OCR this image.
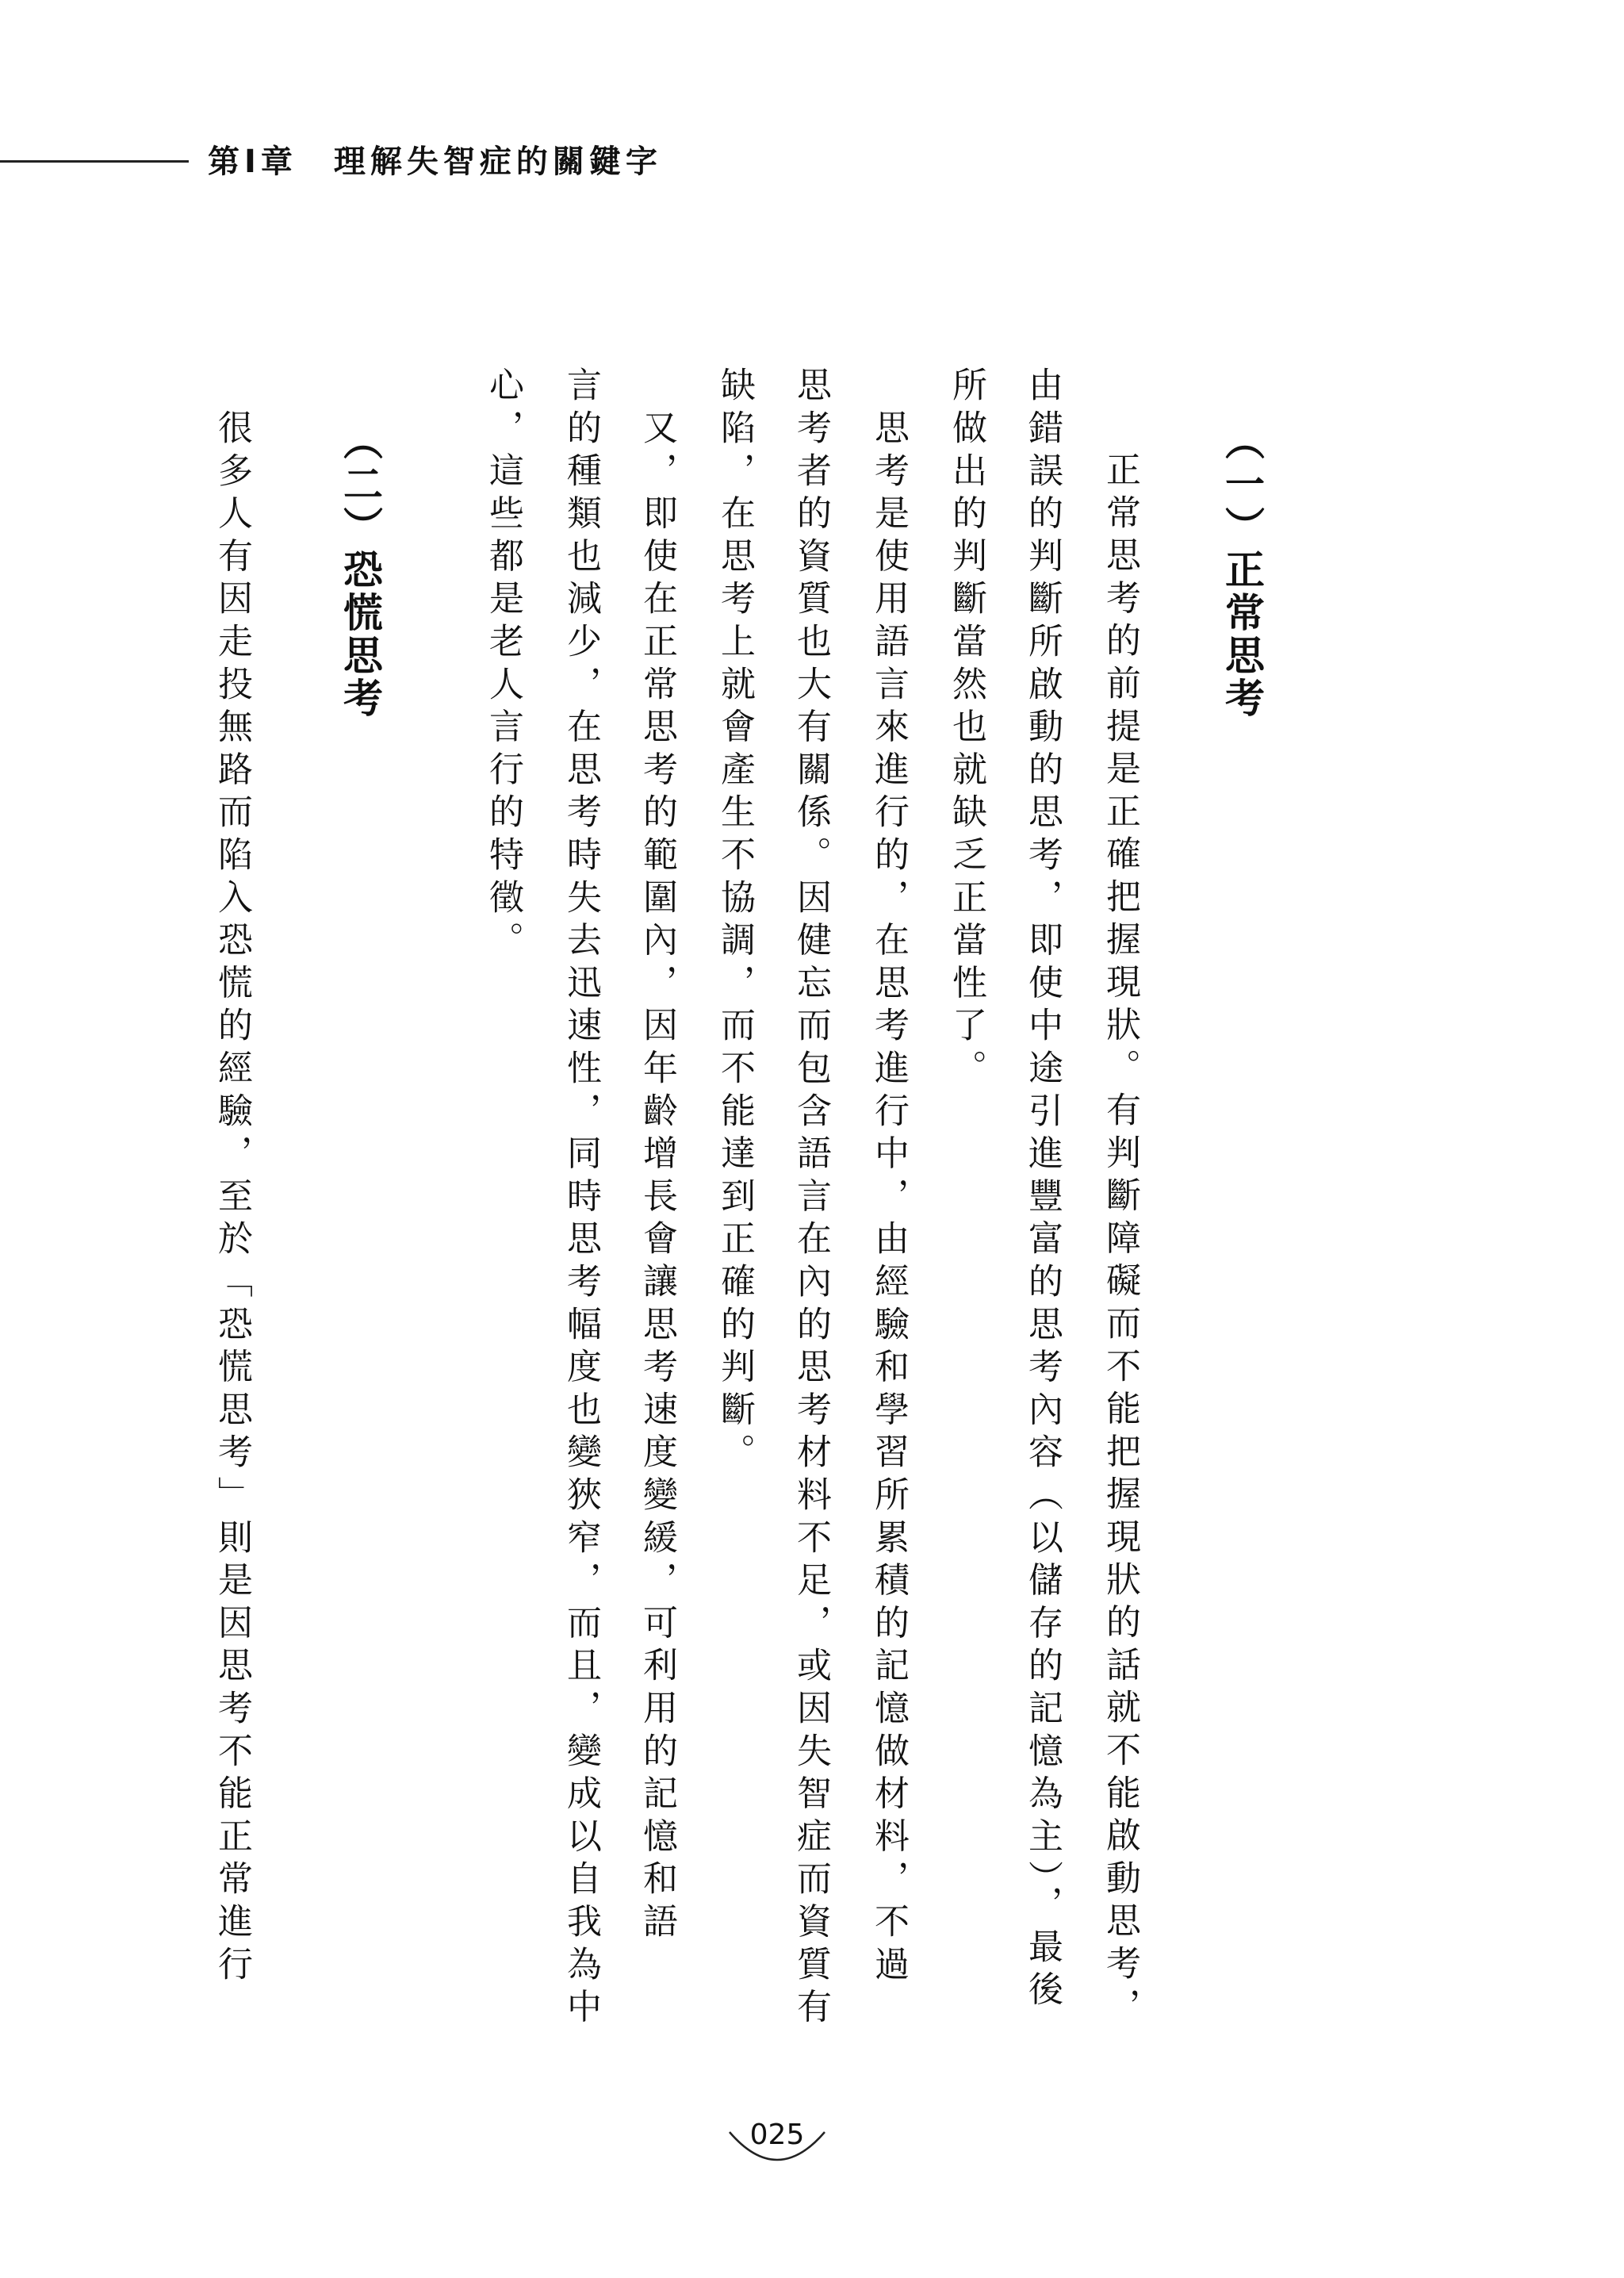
第Ⅰ章　理解失智症的關鍵字
（一）正常思考
　正常思考的前提是正確把握現狀。有判斷障礙而不能把握現狀的話就不能啟動思考，
由錯誤的判斷所啟動的思考，即使中途引進豐富的思考內容（以儲存的記憶為主），最後
所做出的判斷當然也就缺乏正當性了。
　思考是使用語言來進行的，在思考進行中，由經驗和學習所累積的記憶做材料，不過
思考者的資質也大有關係。因健忘而包含語言在內的思考材料不足，或因失智症而資質有
缺陷，在思考上就會產生不協調，而不能達到正確的判斷。
　又，即使在正常思考的範圍內，因年齡增長會讓思考速度變緩，可利用的記憶和語
言的種類也減少，在思考時失去迅速性，同時思考幅度也變狹窄，而且，變成以自我為中
心，這些都是老人言行的特徵。
（二）恐慌思考
　很多人有因走投無路而陷入恐慌的經驗，至於「恐慌思考」則是因思考不能正常進行
025
